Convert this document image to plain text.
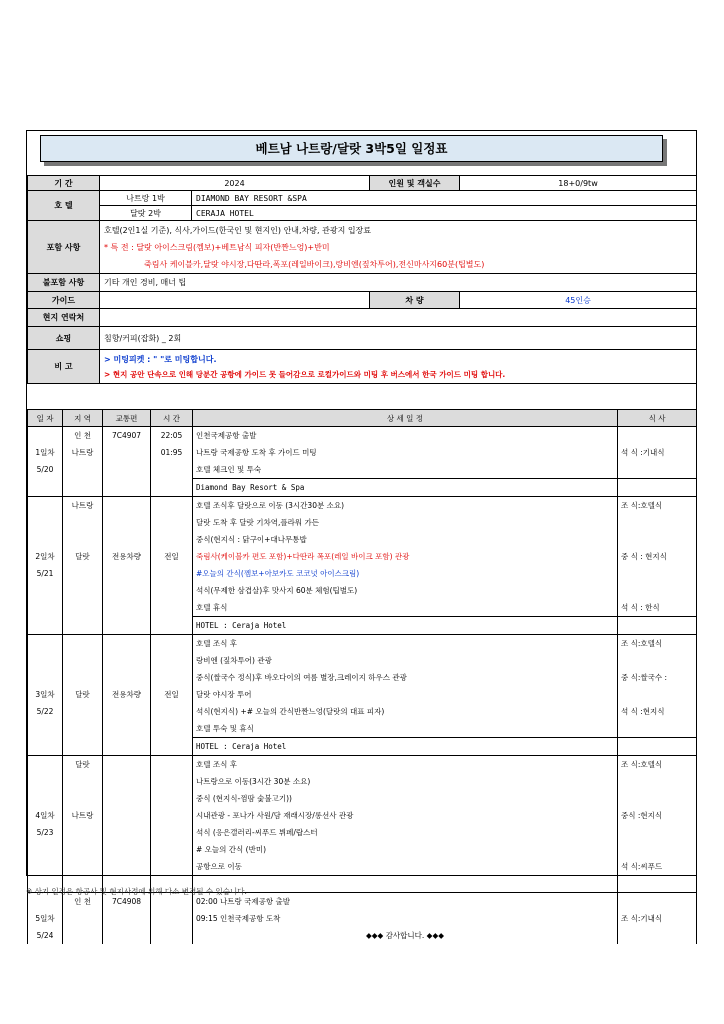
베트남 나트랑/달랏 3박5일 일정표
기 간	2024		인원 및 객실수	18+0/9tw
호 텔	나트랑 1박	DIAMOND BAY RESORT &SPA		
	달랏 2박	CERAJA HOTEL		
포함 사항	호텔(2인1실 기준), 식사,가이드(한국인 및 현지인) 안내,차량, 관광지 입장료
* 특 전 : 달랏 아이스크림(껨보)+베트남식 피자(반짠느엉)+반미
죽림사 케이블카,달랏 야시장,다딴라,폭포(레일바이크),랑비엔(짚차투어),전신마사지60분(팁별도)			

불포함 사항	기타 개인 경비, 매너 팁			
가이드			차 량	45인승
현지 연락처				
쇼핑	침향/커피(잡화) _ 2회			
비 고	> 미팅피켓 : " "로 미팅합니다.
> 현지 공안 단속으로 인해 당분간 공항에 가이드 못 들어감으로 로컬가이드와 미팅 후 버스에서 한국 가이드 미팅 합니다.			
일 자	지 역	교통편	시 간	상 세 일 정	식 사
	인 천	7C4907	22:05	인천국제공항 출발	
1일차	나트랑		01:95	나트랑 국제공항 도착 후 가이드 미팅	석 식 :기내식
5/20				호텔 체크인 및 투숙	
				Diamond Bay Resort & Spa	
	나트랑			호텔 조식후 달랏으로 이동 (3시간30분 소요)	조 식:호텔식
				달랏 도착 후 달랏 기차역,플라워 가든	
				중식(현지식 : 닭구이+대나무통밥	
2일차	달랏	전용차량	전일	죽림사(케이블카 편도 포함)+다딴라 폭포(레일 바이크 포함) 관광	중 식 : 현지식
5/21				#오늘의 간식(껨보+아보카도 코코넛 아이스크림)	
				석식(무제한 삼겹살)후 맛사지 60분 체험(팁별도)	
				호텔 휴식	석 식 : 한식
				HOTEL : Ceraja Hotel	
				호텔 조식 후	조 식:호텔식
				랑비엔 (짚차투어) 관광	
				중식(쌀국수 정식)후 바오다이의 여름 별장,크레이지 하우스 관광	중 식:쌀국수 :
3일차	달랏	전용차량	전일	달랏 야시장 투어	
5/22				석식(현지식) +# 오늘의 간식반짠느엉(달랏의 대표 피자)	석 식 :현지식
				호텔 투숙 및 휴식	
				HOTEL : Ceraja Hotel	
	달랏			호텔 조식 후	조 식:호텔식
				나트랑으로 이동(3시간 30분 소요)	
				중식 (현지식-껌땀 숯불고기))	
4일차	나트랑			시내관광 - 포나가 사원/담 재래시장/롱선사 관광	중식 :현지식
5/23				석식 (응은갤러리-씨푸드 뷔페/랍스터	
				# 오늘의 간식 (반미)	
				공항으로 이동	석 식:씨푸드

	인 천	7C4908		02:00 나트랑 국제공항 출발	
5일차				09:15 인천국제공항 도착	조 식:기내식
5/24				◆◆◆ 감사합니다. ◆◆◆	
※ 상기 일정은 항공사 및 현지사정에 의해 다소 변경될 수 있습니다.
